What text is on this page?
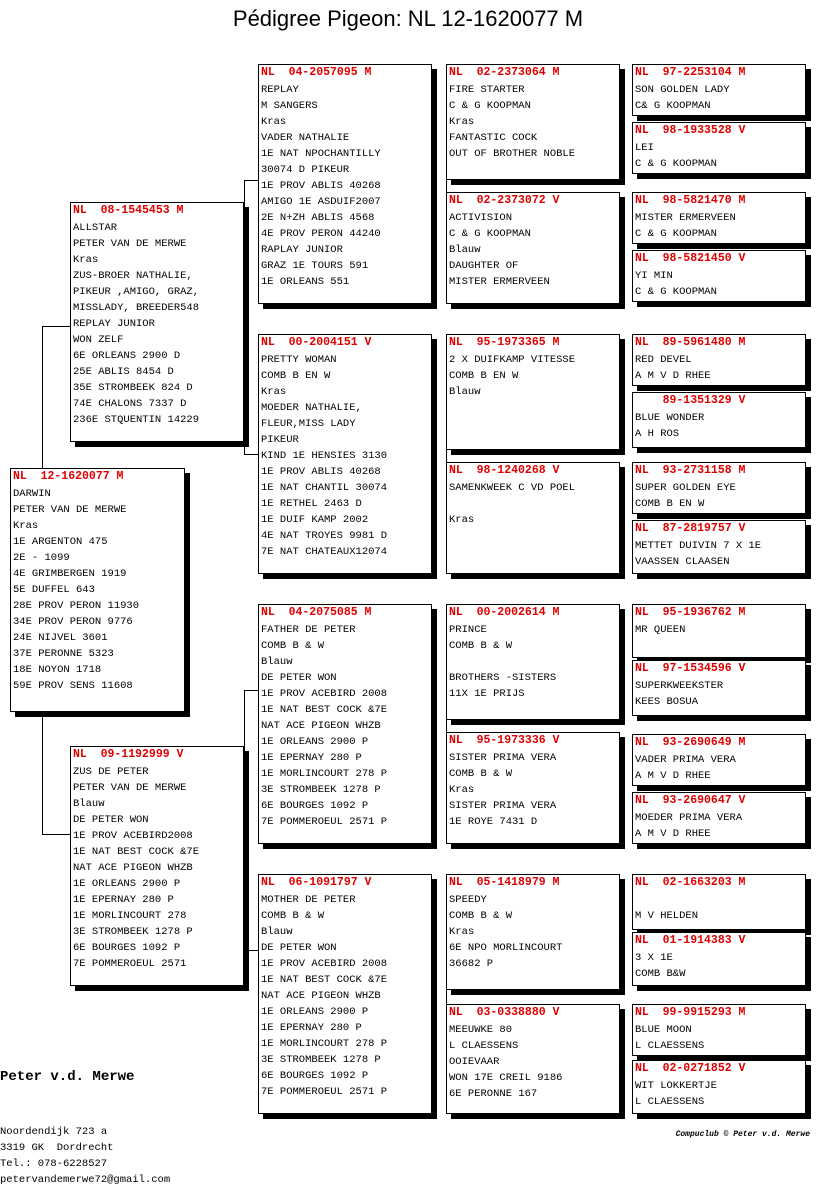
Pédigree Pigeon: NL 12-1620077 M
NL  12-1620077 M
DARWIN
PETER VAN DE MERWE
Kras
1E ARGENTON 475
2E - 1099
4E GRIMBERGEN 1919
5E DUFFEL 643
28E PROV PERON 11930
34E PROV PERON 9776
24E NIJVEL 3601
37E PERONNE 5323
18E NOYON 1718
59E PROV SENS 11608
NL  08-1545453 M
ALLSTAR
PETER VAN DE MERWE
Kras
ZUS-BROER NATHALIE,
PIKEUR ,AMIGO, GRAZ,
MISSLADY, BREEDER548
REPLAY JUNIOR
WON ZELF
6E ORLEANS 2900 D
25E ABLIS 8454 D
35E STROMBEEK 824 D
74E CHALONS 7337 D
236E STQUENTIN 14229
NL  09-1192999 V
ZUS DE PETER
PETER VAN DE MERWE
Blauw
DE PETER WON
1E PROV ACEBIRD2008
1E NAT BEST COCK &7E
NAT ACE PIGEON WHZB
1E ORLEANS 2900 P
1E EPERNAY 280 P
1E MORLINCOURT 278
3E STROMBEEK 1278 P
6E BOURGES 1092 P
7E POMMEROEUL 2571
NL  04-2057095 M
REPLAY
M SANGERS
Kras
VADER NATHALIE
1E NAT NPOCHANTILLY
30074 D PIKEUR
1E PROV ABLIS 40268
AMIGO 1E ASDUIF2007
2E N+ZH ABLIS 4568
4E PROV PERON 44240
RAPLAY JUNIOR
GRAZ 1E TOURS 591
1E ORLEANS 551
NL  00-2004151 V
PRETTY WOMAN
COMB B EN W
Kras
MOEDER NATHALIE,
FLEUR,MISS LADY
PIKEUR
KIND 1E HENSIES 3130
1E PROV ABLIS 40268
1E NAT CHANTIL 30074
1E RETHEL 2463 D
1E DUIF KAMP 2002
4E NAT TROYES 9981 D
7E NAT CHATEAUX12074
NL  04-2075085 M
FATHER DE PETER
COMB B & W
Blauw
DE PETER WON
1E PROV ACEBIRD 2008
1E NAT BEST COCK &7E
NAT ACE PIGEON WHZB
1E ORLEANS 2900 P
1E EPERNAY 280 P
1E MORLINCOURT 278 P
3E STROMBEEK 1278 P
6E BOURGES 1092 P
7E POMMEROEUL 2571 P
NL  06-1091797 V
MOTHER DE PETER
COMB B & W
Blauw
DE PETER WON
1E PROV ACEBIRD 2008
1E NAT BEST COCK &7E
NAT ACE PIGEON WHZB
1E ORLEANS 2900 P
1E EPERNAY 280 P
1E MORLINCOURT 278 P
3E STROMBEEK 1278 P
6E BOURGES 1092 P
7E POMMEROEUL 2571 P
NL  02-2373064 M
FIRE STARTER
C & G KOOPMAN
Kras
FANTASTIC COCK
OUT OF BROTHER NOBLE
NL  02-2373072 V
ACTIVISION
C & G KOOPMAN
Blauw
DAUGHTER OF
MISTER ERMERVEEN
NL  95-1973365 M
2 X DUIFKAMP VITESSE
COMB B EN W
Blauw
NL  98-1240268 V
SAMENKWEEK C VD POEL

Kras
NL  00-2002614 M
PRINCE
COMB B & W

BROTHERS -SISTERS
11X 1E PRIJS
NL  95-1973336 V
SISTER PRIMA VERA
COMB B & W
Kras
SISTER PRIMA VERA
1E ROYE 7431 D
NL  05-1418979 M
SPEEDY
COMB B & W
Kras
6E NPO MORLINCOURT
36682 P
NL  03-0338880 V
MEEUWKE 80
L CLAESSENS
OOIEVAAR
WON 17E CREIL 9186
6E PERONNE 167
NL  97-2253104 M
SON GOLDEN LADY
C& G KOOPMAN
NL  98-1933528 V
LEI
C & G KOOPMAN
NL  98-5821470 M
MISTER ERMERVEEN
C & G KOOPMAN
NL  98-5821450 V
YI MIN
C & G KOOPMAN
NL  89-5961480 M
RED DEVEL
A M V D RHEE
89-1351329 V
BLUE WONDER
A H ROS
NL  93-2731158 M
SUPER GOLDEN EYE
COMB B EN W
NL  87-2819757 V
METTET DUIVIN 7 X 1E
VAASSEN CLAASEN
NL  95-1936762 M
MR QUEEN
NL  97-1534596 V
SUPERKWEEKSTER
KEES BOSUA
NL  93-2690649 M
VADER PRIMA VERA
A M V D RHEE
NL  93-2690647 V
MOEDER PRIMA VERA
A M V D RHEE
NL  02-1663203 M

M V HELDEN
NL  01-1914383 V
3 X 1E
COMB B&W
NL  99-9915293 M
BLUE MOON
L CLAESSENS
NL  02-0271852 V
WIT LOKKERTJE
L CLAESSENS

Peter v.d. Merwe

Noordendijk 723 a
3319 GK  Dordrecht
Tel.: 078-6228527
petervandemerwe72@gmail.com

Compuclub © Peter v.d. Merwe
